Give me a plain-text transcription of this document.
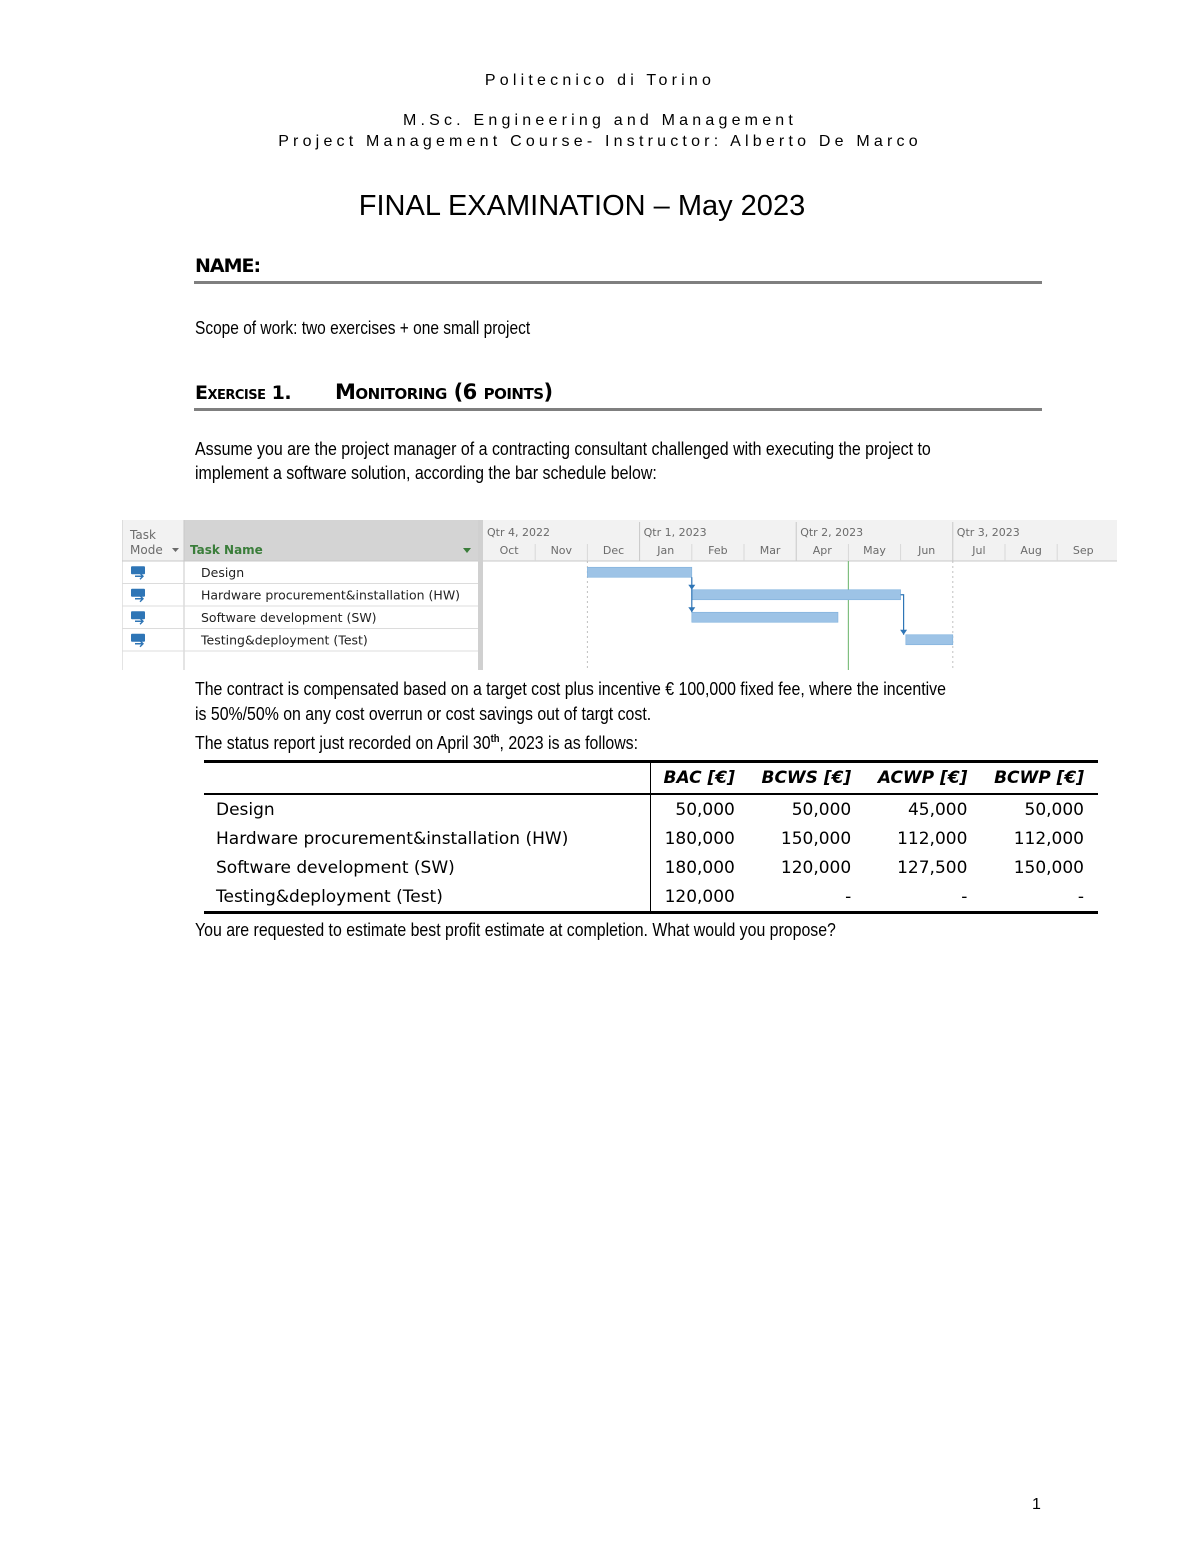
Politecnico di Torino
M.Sc. Engineering and Management
Project Management Course- Instructor: Alberto De Marco
FINAL EXAMINATION – May 2023
NAME:
Scope of work: two exercises + one small project
Exercise 1. Monitoring (6 points)
Assume you are the project manager of a contracting consultant challenged with executing the project to
implement a software solution, according the bar schedule below:
Task
Mode Task Name
Qtr 4, 2022	Qtr 1, 2023	Qtr 2, 2023	Qtr 3, 2023
Oct	Nov	Dec	Jan	Feb	Mar	Apr	May	Jun	Jul	Aug	Sep
Design
Hardware procurement&installation (HW)
Software development (SW)
Testing&deployment (Test)
The contract is compensated based on a target cost plus incentive € 100,000 fixed fee, where the incentive
is 50%/50% on any cost overrun or cost savings out of targt cost.
The status report just recorded on April 30th, 2023 is as follows:
	BAC [€]	BCWS [€]	ACWP [€]	BCWP [€]
Design	50,000	50,000	45,000	50,000
Hardware procurement&installation (HW)	180,000	150,000	112,000	112,000
Software development (SW)	180,000	120,000	127,500	150,000
Testing&deployment (Test)	120,000	-	-	-
You are requested to estimate best profit estimate at completion. What would you propose?
1
